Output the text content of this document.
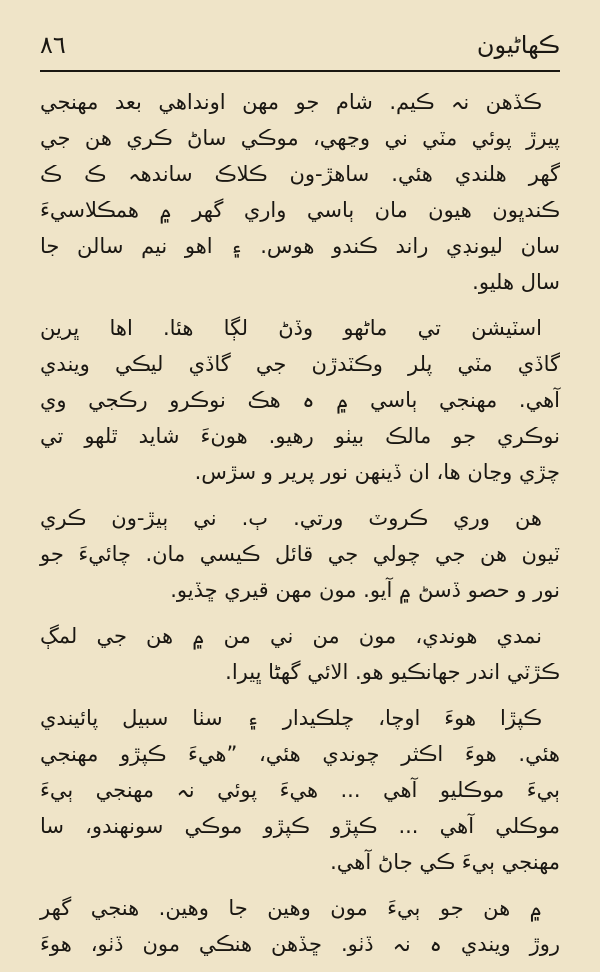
٨٦	ڪهاڻيون
ڪڏهن نہ ڪيم. شام جو مهن اونداهي بعد مهنجي
پيرڙ پوئي مٽي ني وڃهي، موڪي ساڻ ڪري هن جي
گهر هلندي هئي. ساهڙ-ون ڪلاڪ ساندهہ ڪ ڪ
ڪندڀون هيون مان ٻاسي واري گهر ۾ همڪلاسيءَ
سان ليونڊي راند ڪندو هوس. ۽ اهو نيم سالن جا
سال هليو.
اسٽيشن تي ماڻهو وڏڻ لڳا هئا. اها ڀرين
گاڏي مٽي پلر وڪٽدڙن جي گاڏي ليڪي ويندي
آهي. مهنجي ٻاسي ۾ ہ هڪ نوڪرو رڪجي وي
نوڪري جو مالڪ بيٺو رهيو. هونءَ شايد ٿلهو تي
چڙي وڃان ها، ان ڏينهن نور پرير و سڙس.
هن وري ڪروٽ ورتي. ٻ. ني ٻيڙ-ون ڪري
ٽيون هن جي چولي جي قائل ڪيسي مان. چائيءَ جو
نور و حصو ڏسڻ ۾ آيو. مون مهن قيري ڇڏيو.
نمدي هوندي، مون من ني من ۾ هن جي لمڳ
ڪڙٽي اندر جهانڪيو هو. الائي گهڻا ڀيرا.
ڪپڙا هوءَ اوچا، چلڪيدار ۽ سٺا سبيل پائيندي
هئي. هوءَ اڪثر چوندي هئي، ”هيءَ ڪپڙو مهنجي
ٻيءَ موڪليو آهي ... هيءَ پوئي نہ مهنجي ٻيءَ
موڪلي آهي ... ڪپڙو ڪپڙو موڪي سونهندو، سا
مهنجي ٻيءَ ڪي جاڻ آهي.
۾ هن جو ٻيءَ مون وهين جا وهين. هنجي گهر
روڙ ويندي ہ نہ ڏٺو. ڇڏهن هنڪي مون ڏٺو، هوءَ
